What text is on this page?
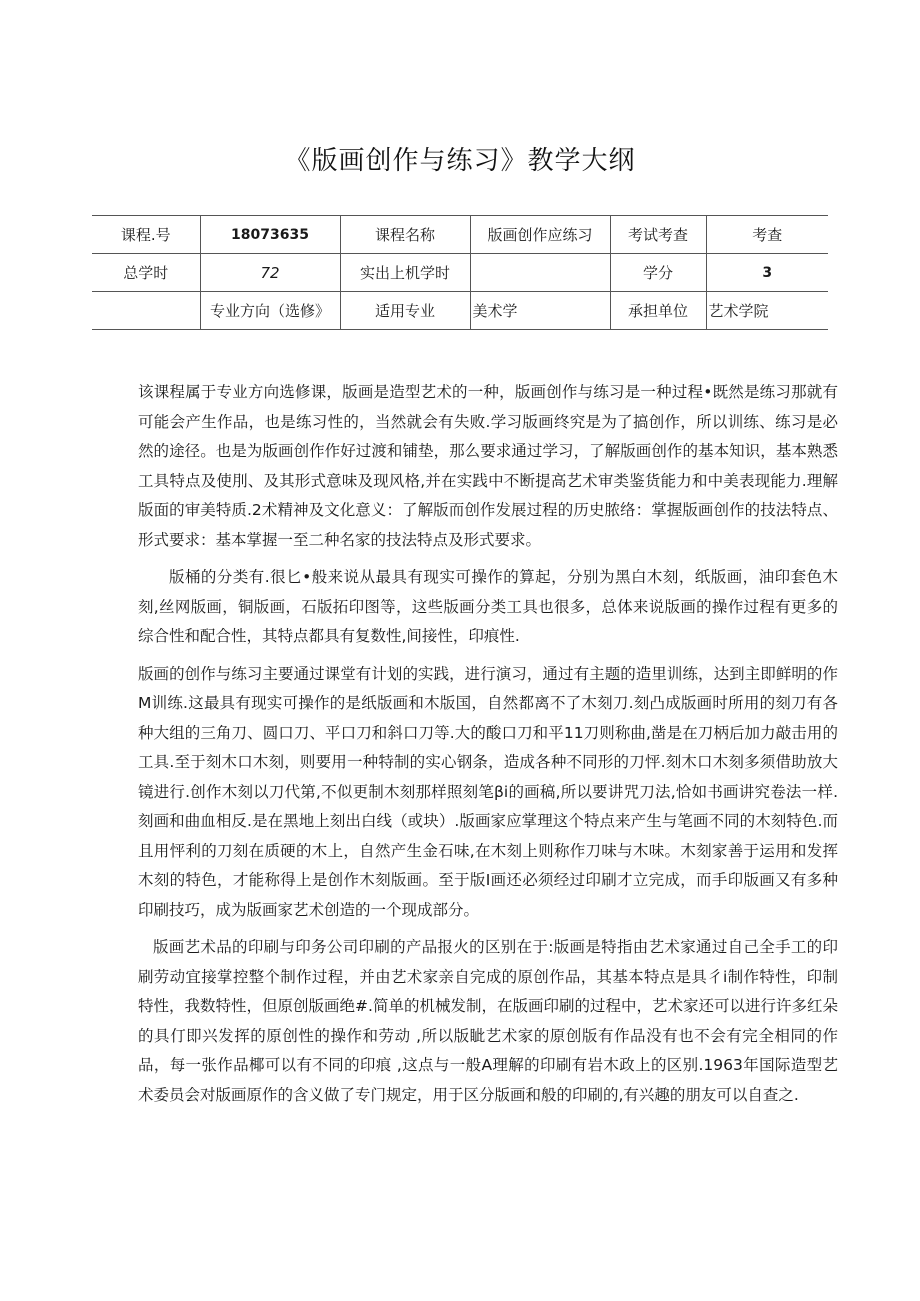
《版画创作与练习》教学大纲
课程.号	18073635	课程名称	版画创作应练习	考试考查	考查
总学时	72	实出上机学时		学分	3
	专业方向（选修》	适用专业	美术学	承担单位	艺术学院

该课程属于专业方向选修课，版画是造型艺术的一种，版画创作与练习是一种过程•既然是练习那就有可能会产生作品，也是练习性的，当然就会有失败.学习版画终究是为了搞创作，所以训练、练习是必然的途径。也是为版画创作作好过渡和铺垫，那么要求通过学习，了解版画创作的基本知识，基本熟悉工具特点及使刖、及其形式意味及现风格,并在实践中不断提高艺术审类鉴货能力和中美表现能力.理解版面的审美特质.2术精神及文化意义：了解版而创作发展过程的历史脓络：掌握版画创作的技法特点、形式要求：基本掌握一至二种名家的技法特点及形式要求。

版桶的分类有.很匕•般来说从最具有现实可操作的算起，分别为黑白木刻，纸版画，油印套色木刻,丝网版画，铜版画，石版拓印图等，这些版画分类工具也很多，总体来说版画的操作过程有更多的综合性和配合性，其特点都具有复数性,间接性，印痕性.

版画的创作与练习主要通过课堂有计划的实践，进行演习，通过有主题的造里训练，达到主即鲜明的作M训练.这最具有现实可操作的是纸版画和木版国，自然都离不了木刻刀.刻凸成版画时所用的刻刀有各种大组的三角刀、圆口刀、平口刀和斜口刀等.大的酸口刀和平11刀则称曲,凿是在刀柄后加力敲击用的工具.至于刻木口木刻，则要用一种特制的实心钢条，造成各种不同形的刀怦.刻木口木刻多须借助放大镜进行.创作木刻以刀代第,不似更制木刻那样照刻笔βi的画稿,所以要讲咒刀法,恰如书画讲究卷法一样.刻画和曲血相反.是在黑地上刻出白线（或块）.版画家应掌理这个特点来产生与笔画不同的木刻特色.而且用怦利的刀刻在质硬的木上，自然产生金石味,在木刻上则称作刀味与木味。木刻家善于运用和发挥木刻的特色，才能称得上是创作木刻版画。至于版I画还必须经过印刷才立完成，而手印版画又有多种印刷技巧，成为版画家艺术创造的一个现成部分。

版画艺术品的印刷与印务公司印刷的产品报火的区别在于:版画是特指由艺术家通过自己全手工的印刷劳动宜接掌控整个制作过程，并由艺术家亲自完成的原创作品，其基本特点是具彳i制作特性，印制特性，我数特性，但原创版画绝#.简单的机械发制，在版画印刷的过程中，艺术家还可以进行许多红朵的具仃即兴发挥的原创性的操作和劳动 ,所以版眦艺术家的原创版有作品没有也不会有完全相同的作品，每一张作品椰可以有不同的印痕 ,这点与一般A理解的印刷有岩木政上的区别.1963年国际造型艺术委员会对版画原作的含义做了专门规定，用于区分版画和般的印刷的,有兴趣的朋友可以自查之.
